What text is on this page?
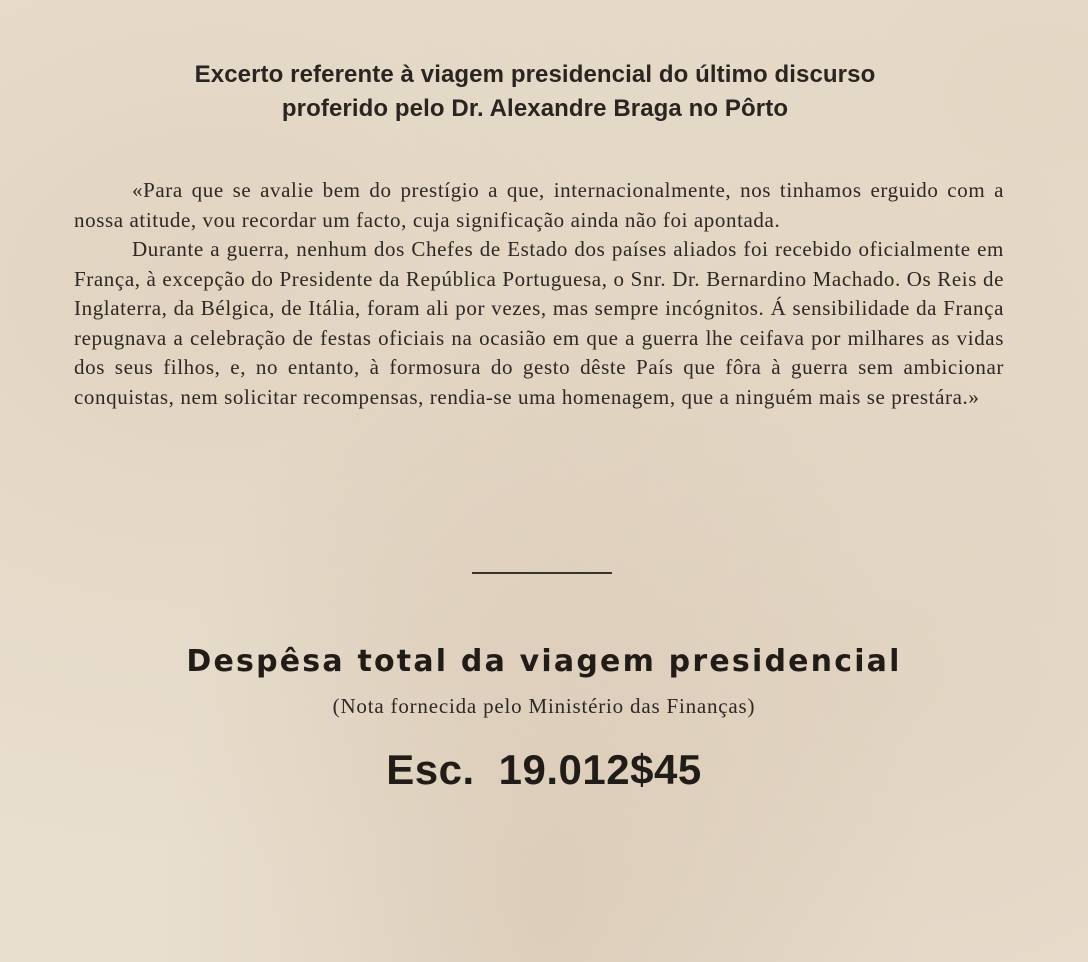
Excerto referente à viagem presidencial do último discurso
proferido pelo Dr. Alexandre Braga no Pôrto

«Para que se avalie bem do prestígio a que, internacionalmente, nos tinhamos erguido com a nossa atitude, vou recordar um facto, cuja significação ainda não foi apontada.

Durante a guerra, nenhum dos Chefes de Estado dos países aliados foi recebido oficialmente em França, à excepção do Presidente da República Portuguesa, o Snr. Dr. Bernardino Machado. Os Reis de Inglaterra, da Bélgica, de Itália, foram ali por vezes, mas sempre incógnitos. Á sensibilidade da França repugnava a celebração de festas oficiais na ocasião em que a guerra lhe ceifava por milhares as vidas dos seus filhos, e, no entanto, à formosura do gesto dêste País que fôra à guerra sem ambicionar conquistas, nem solicitar recompensas, rendia-se uma homenagem, que a ninguém mais se prestára.»

Despêsa total da viagem presidencial
(Nota fornecida pelo Ministério das Finanças)
Esc. 19.012$45
